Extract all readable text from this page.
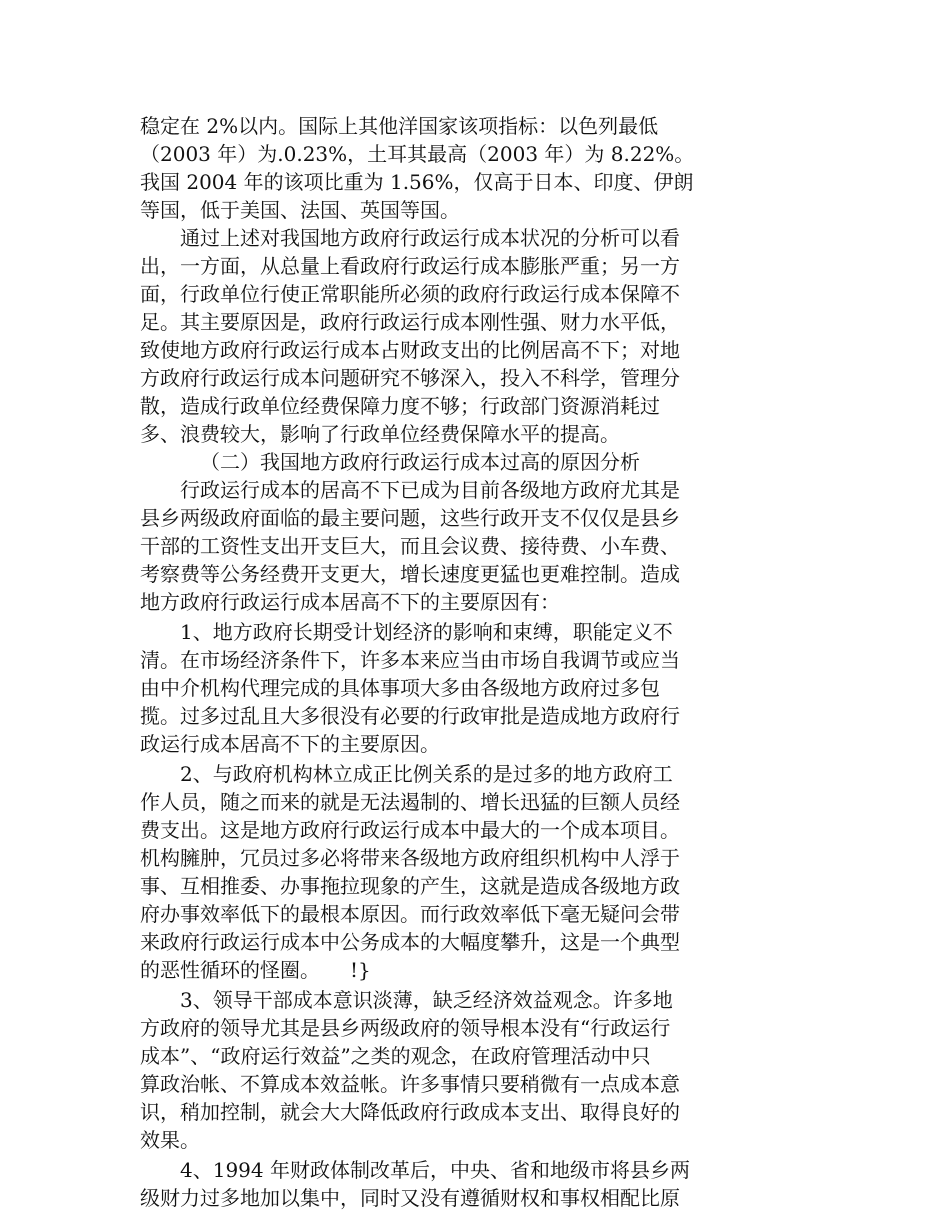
稳定在 2%以内。国际上其他洋国家该项指标：以色列最低
（2003 年）为.0.23%，土耳其最高（2003 年）为 8.22%。
我国 2004 年的该项比重为 1.56%，仅高于日本、印度、伊朗
等国，低于美国、法国、英国等国。
通过上述对我国地方政府行政运行成本状况的分析可以看
出，一方面，从总量上看政府行政运行成本膨胀严重；另一方
面，行政单位行使正常职能所必须的政府行政运行成本保障不
足。其主要原因是，政府行政运行成本刚性强、财力水平低，
致使地方政府行政运行成本占财政支出的比例居高不下；对地
方政府行政运行成本问题研究不够深入，投入不科学，管理分
散，造成行政单位经费保障力度不够；行政部门资源消耗过
多、浪费较大，影响了行政单位经费保障水平的提高。
（二）我国地方政府行政运行成本过高的原因分析
行政运行成本的居高不下已成为目前各级地方政府尤其是
县乡两级政府面临的最主要问题，这些行政开支不仅仅是县乡
干部的工资性支出开支巨大，而且会议费、接待费、小车费、
考察费等公务经费开支更大，增长速度更猛也更难控制。造成
地方政府行政运行成本居高不下的主要原因有：
1、地方政府长期受计划经济的影响和束缚，职能定义不
清。在市场经济条件下，许多本来应当由市场自我调节或应当
由中介机构代理完成的具体事项大多由各级地方政府过多包
揽。过多过乱且大多很没有必要的行政审批是造成地方政府行
政运行成本居高不下的主要原因。
2、与政府机构林立成正比例关系的是过多的地方政府工
作人员，随之而来的就是无法遏制的、增长迅猛的巨额人员经
费支出。这是地方政府行政运行成本中最大的一个成本项目。
机构臃肿，冗员过多必将带来各级地方政府组织机构中人浮于
事、互相推委、办事拖拉现象的产生，这就是造成各级地方政
府办事效率低下的最根本原因。而行政效率低下毫无疑问会带
来政府行政运行成本中公务成本的大幅度攀升，这是一个典型
的恶性循环的怪圈。　　!}
3、领导干部成本意识淡薄，缺乏经济效益观念。许多地
方政府的领导尤其是县乡两级政府的领导根本没有“行政运行
成本”、“政府运行效益”之类的观念，在政府管理活动中只
算政治帐、不算成本效益帐。许多事情只要稍微有一点成本意
识，稍加控制，就会大大降低政府行政成本支出、取得良好的
效果。
4、1994 年财政体制改革后，中央、省和地级市将县乡两
级财力过多地加以集中，同时又没有遵循财权和事权相配比原
